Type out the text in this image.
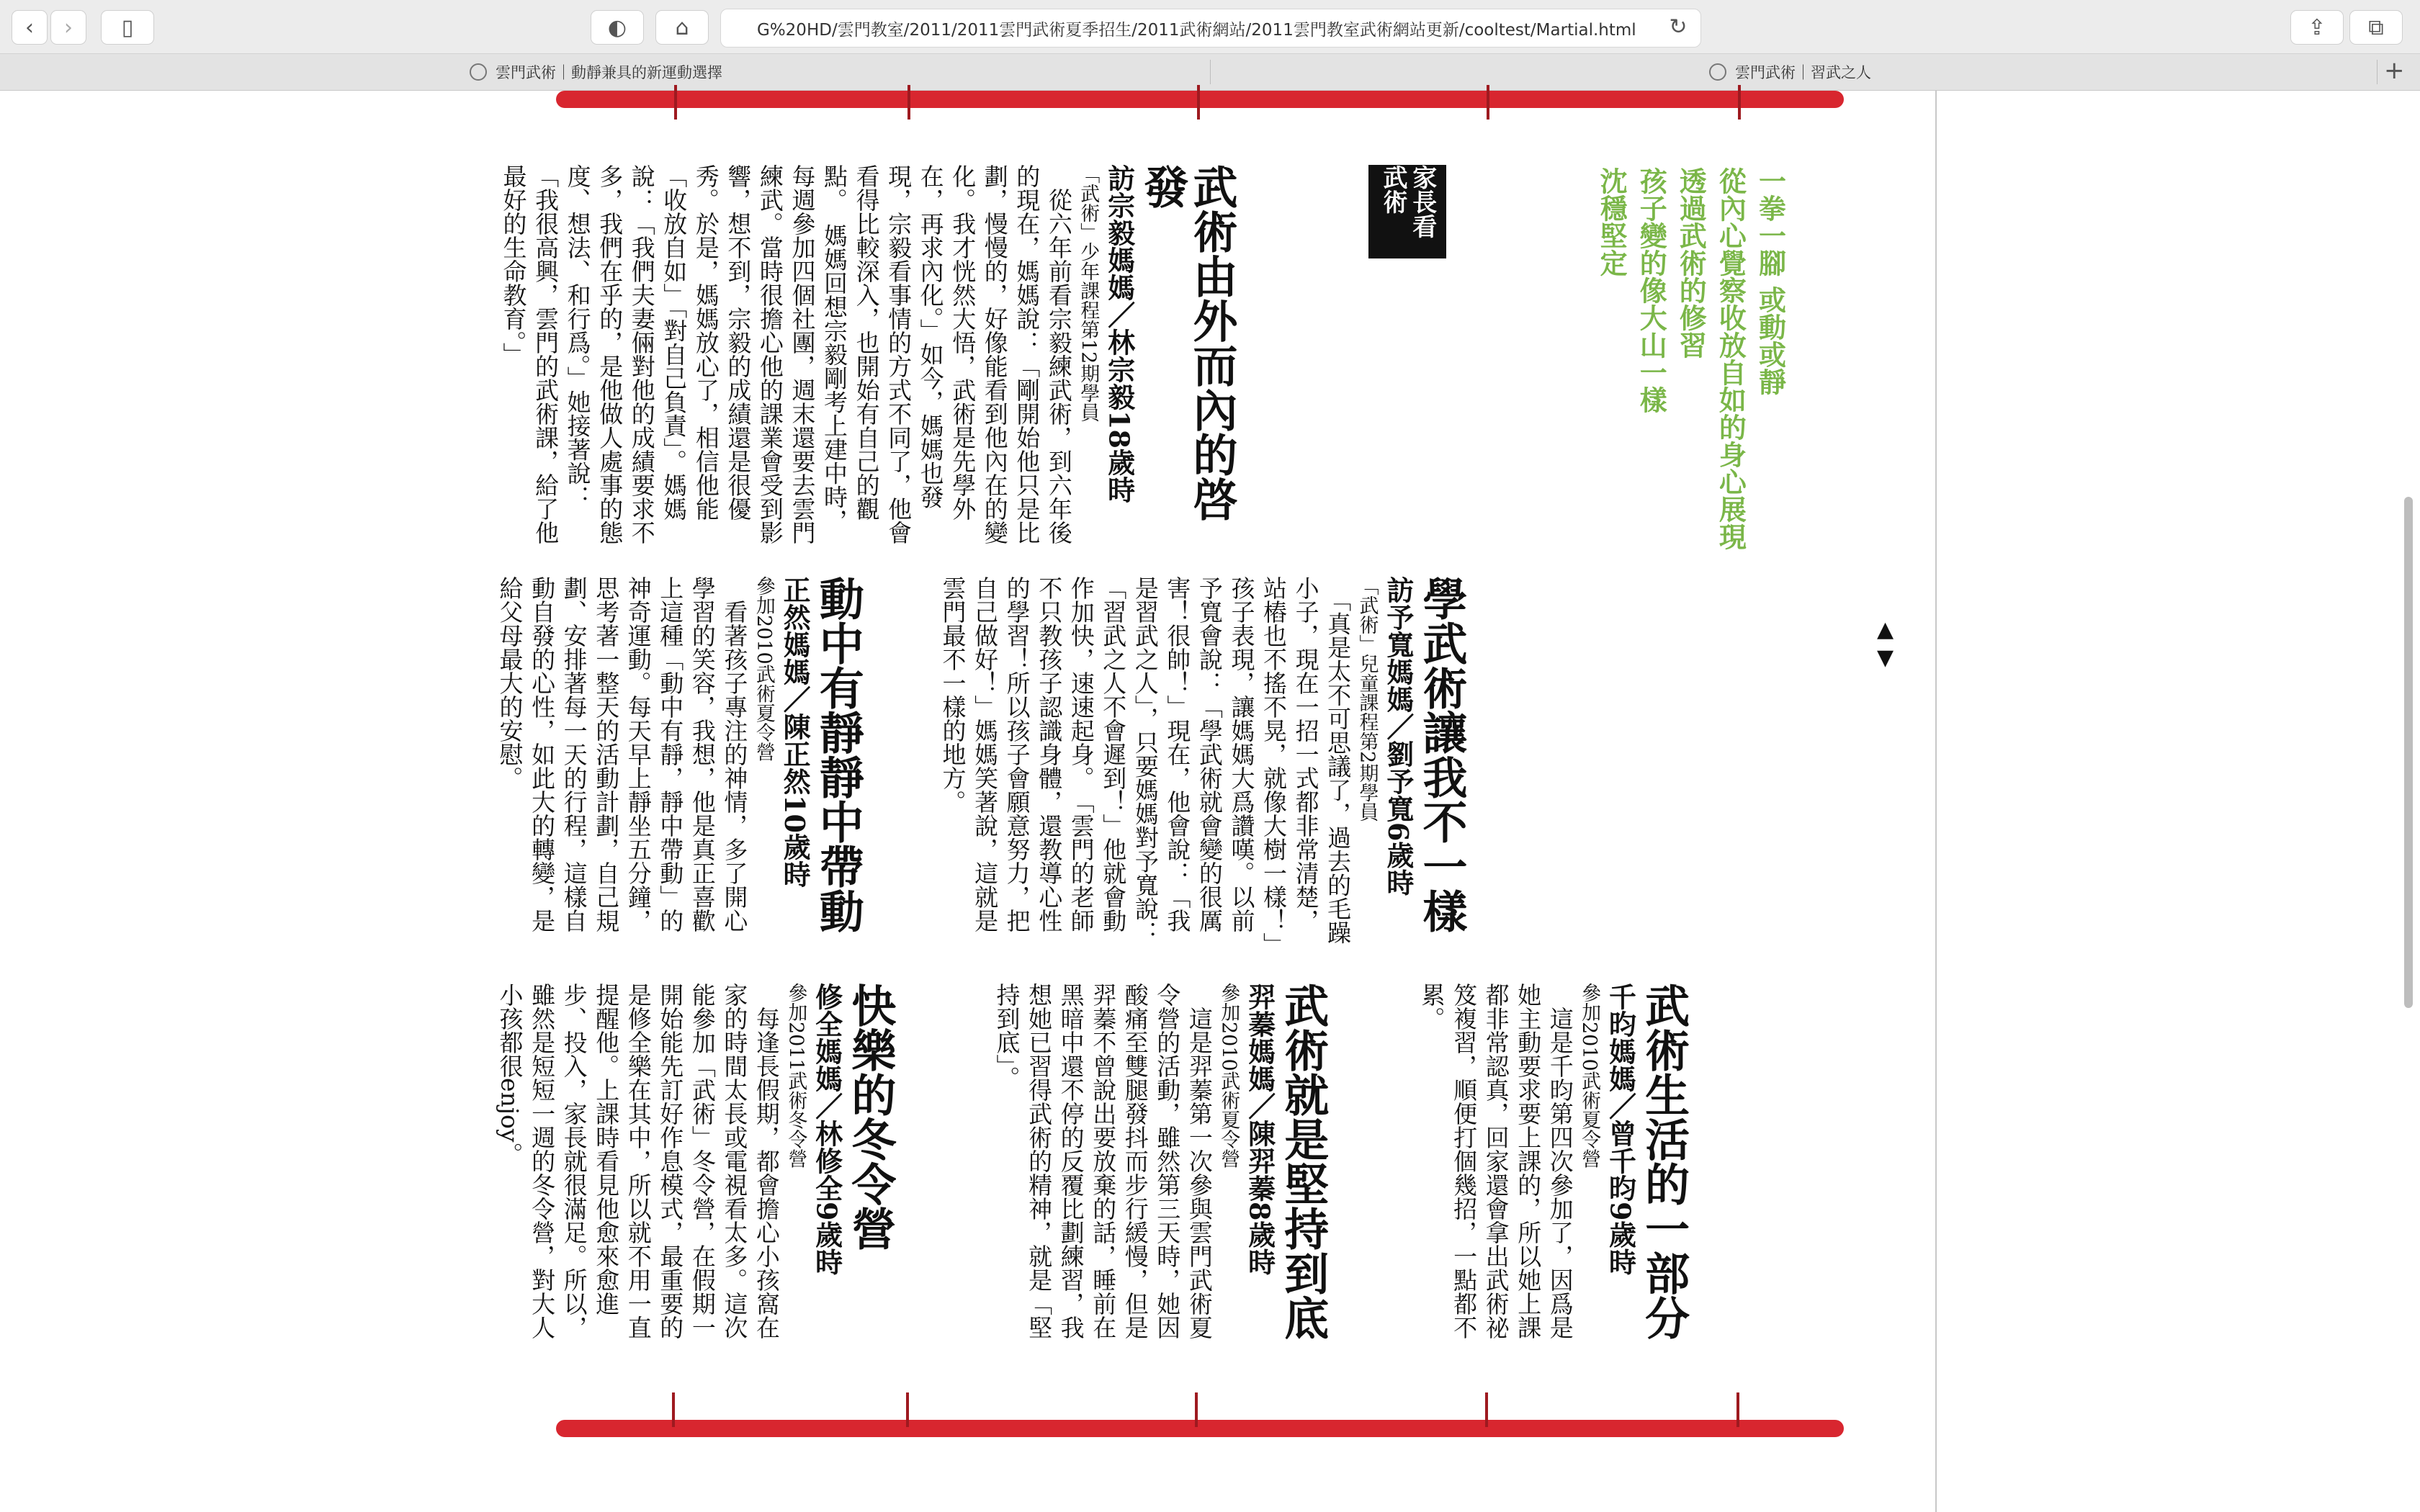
‹	›	▯	◐	⌂	G%20HD/雲門教室/2011/2011雲門武術夏季招生/2011武術網站/2011雲門教室武術網站更新/cooltest/Martial.html ↻	⇪	⧉
雲門武術｜動靜兼具的新運動選擇	雲門武術｜習武之人	+
一拳一腳 或動或靜
從內心覺察收放自如的身心展現
透過武術的修習
孩子變的像大山一樣
沈穩堅定
家長看武術
武術由外而內的啓發
訪宗毅媽媽／林宗毅18歲時
「武術」少年課程第12期學員
　從六年前看宗毅練武術，到六年後的現在，媽媽說：「剛開始他只是比劃，慢慢的，好像能看到他內在的變化。我才恍然大悟，武術是先學外在，再求內化。」如今，媽媽也發現，宗毅看事情的方式不同了，他會看得比較深入，也開始有自己的觀點。　媽媽回想宗毅剛考上建中時，每週參加四個社團，週末還要去雲門練武。當時很擔心他的課業會受到影響，想不到，宗毅的成績還是很優秀。於是，媽媽放心了，相信他能「收放自如」「對自己負責」。媽媽說：「我們夫妻倆對他的成績要求不多，我們在乎的，是他做人處事的態度、想法、和行爲。」她接著說：「我很高興，雲門的武術課，給了他最好的生命教育。」
學武術讓我不一樣
訪予寬媽媽／劉予寬6歲時
「武術」兒童課程第2期學員
　「真是太不可思議了，過去的毛躁小子，現在一招一式都非常清楚，站樁也不搖不晃，就像大樹一樣！」孩子表現，讓媽媽大爲讚嘆。以前予寬會說：「學武術就會變的很厲害！很帥！」現在，他會說：「我是習武之人」，只要媽媽對予寬說：「習武之人不會遲到！」他就會動作加快，速速起身。　「雲門的老師不只教孩子認識身體，還教導心性的學習！所以孩子會願意努力，把自己做好！」媽媽笑著說，這就是雲門最不一樣的地方。
動中有靜靜中帶動
正然媽媽／陳正然10歲時
參加2010武術夏令營
　看著孩子專注的神情，多了開心學習的笑容，我想，他是真正喜歡上這種「動中有靜，靜中帶動」的神奇運動。每天早上靜坐五分鐘，思考著一整天的活動計劃，自己規劃、安排著每一天的行程，這樣自動自發的心性，如此大的轉變，是給父母最大的安慰。
武術生活的一部分
千昀媽媽／曾千昀9歲時
參加2010武術夏令營
　這是千昀第四次參加了，因爲是她主動要求要上課的，所以她上課都非常認真，回家還會拿出武術祕笈複習，順便打個幾招，一點都不累。
武術就是堅持到底
羿蓁媽媽／陳羿蓁8歲時
參加2010武術夏令營
　這是羿蓁第一次參與雲門武術夏令營的活動，雖然第三天時，她因酸痛至雙腿發抖而步行緩慢，但是羿蓁不曾說出要放棄的話，睡前在黑暗中還不停的反覆比劃練習，我想她已習得武術的精神，就是「堅持到底」。
快樂的冬令營
修全媽媽／林修全9歲時
參加2011武術冬令營
　每逢長假期，都會擔心小孩窩在家的時間太長或電視看太多。這次能參加「武術」冬令營，在假期一開始能先訂好作息模式，最重要的是修全樂在其中，所以就不用一直提醒他。上課時看見他愈來愈進步、投入，家長就很滿足。所以，雖然是短短一週的冬令營，對大人小孩都很enjoy。
▲
▼
